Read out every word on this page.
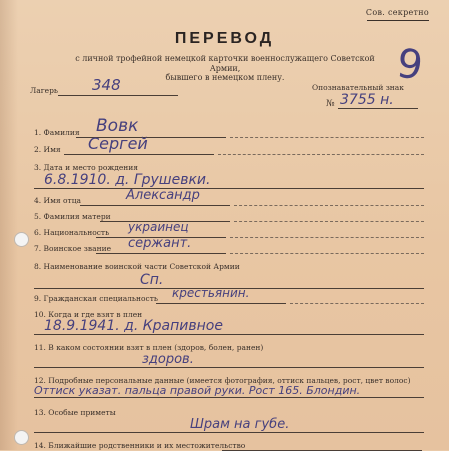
Сов. секретно
ПЕРЕВОД
с личной трофейной немецкой карточки военнослужащего Советской Армии,
бывшего в немецком плену.	9
Лагерь 348	Опознавательный знак
№ 3755 н.
1. Фамилия Вовк
2. Имя Сергей
3. Дата и место рождения
6.8.1910. д. Грушевки.
4. Имя отца	Александр
5. Фамилия матери
6. Национальность украинец
7. Воинское звание сержант.
8. Наименование воинской части Советской Армии
Сп.
9. Гражданская специальность крестьянин.
10. Когда и где взят в плен
18.9.1941. д. Крапивное
11. В каком состоянии взят в плен (здоров, болен, ранен)
здоров.
12. Подробные персональные данные (имеется фотография, оттиск пальцев, рост, цвет волос)
Оттиск указат. пальца правой руки. Рост 165. Блондин.
13. Особые приметы
Шрам на губе.
14. Ближайшие родственники и их местожительство
